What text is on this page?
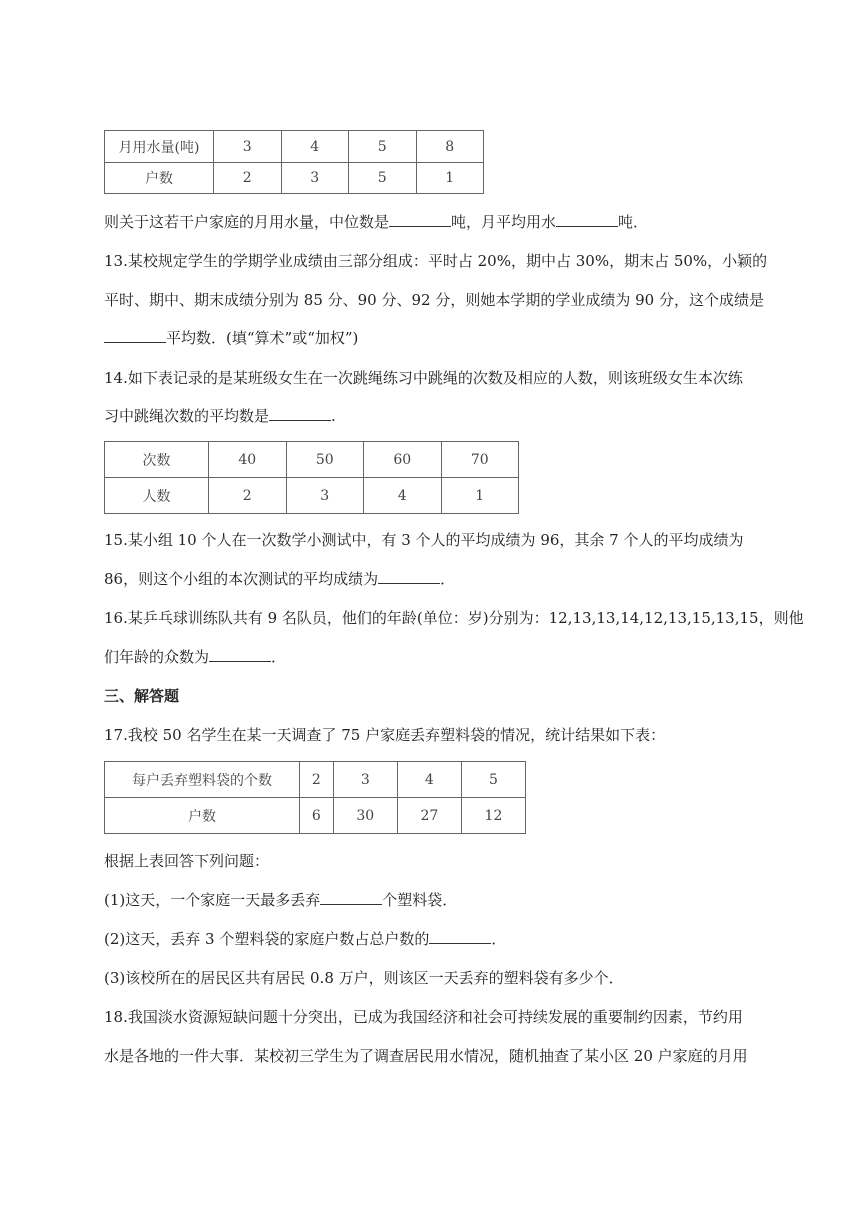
月用水量(吨)	3	4	5	8
户数	2	3	5	1
则关于这若干户家庭的月用水量，中位数是	吨，月平均用水	吨．
13.某校规定学生的学期学业成绩由三部分组成：平时占 20%，期中占 30%，期末占 50%，小颖的
平时、期中、期末成绩分别为 85 分、90 分、92 分，则她本学期的学业成绩为 90 分，这个成绩是
平均数．(填“算术”或“加权”)
14.如下表记录的是某班级女生在一次跳绳练习中跳绳的次数及相应的人数，则该班级女生本次练
习中跳绳次数的平均数是	.
次数	40	50	60	70
人数	2	3	4	1
15.某小组 10 个人在一次数学小测试中，有 3 个人的平均成绩为 96，其余 7 个人的平均成绩为
86，则这个小组的本次测试的平均成绩为	．
16.某乒乓球训练队共有 9 名队员，他们的年龄(单位：岁)分别为：12,13,13,14,12,13,15,13,15，则他
们年龄的众数为	．
三、解答题
17.我校 50 名学生在某一天调查了 75 户家庭丢弃塑料袋的情况，统计结果如下表：
每户丢弃塑料袋的个数	2	3	4	5
户数	6	30	27	12
根据上表回答下列问题：
(1)这天，一个家庭一天最多丢弃	个塑料袋．
(2)这天，丢弃 3 个塑料袋的家庭户数占总户数的	．
(3)该校所在的居民区共有居民 0.8 万户，则该区一天丢弃的塑料袋有多少个．
18.我国淡水资源短缺问题十分突出，已成为我国经济和社会可持续发展的重要制约因素，节约用
水是各地的一件大事．某校初三学生为了调查居民用水情况，随机抽查了某小区 20 户家庭的月用
